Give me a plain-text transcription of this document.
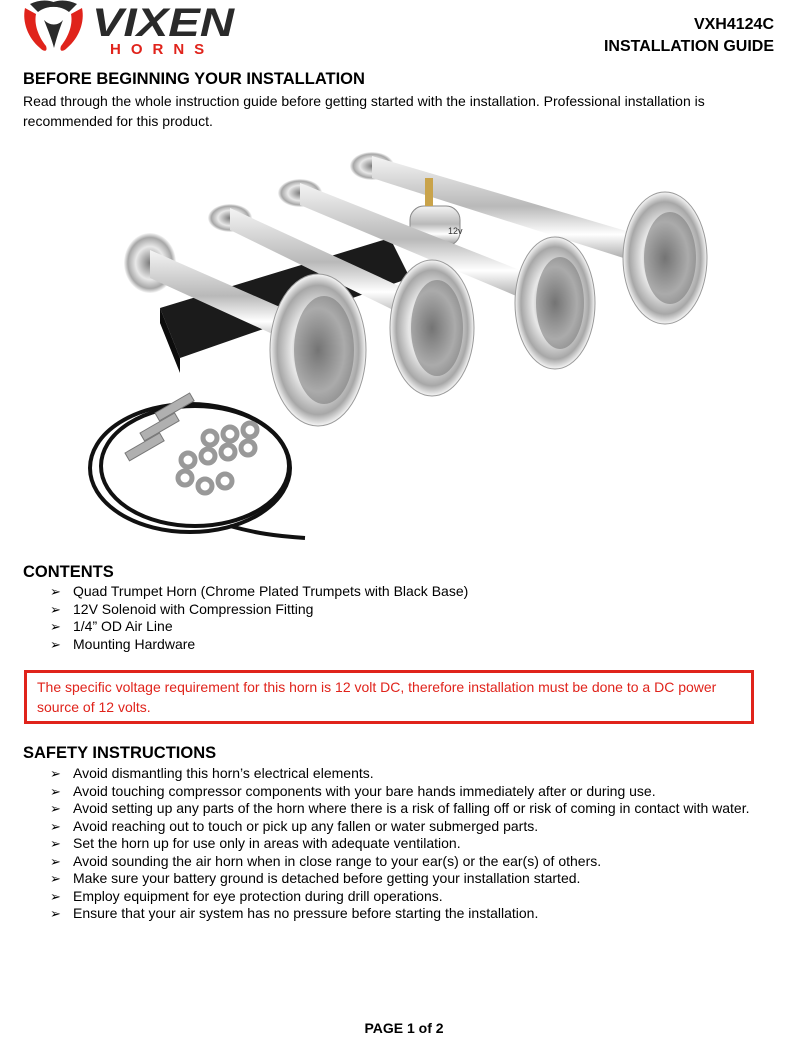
VIXEN
HORNS
VXH4124C
INSTALLATION GUIDE
BEFORE BEGINNING YOUR INSTALLATION

Read through the whole instruction guide before getting started with the installation. Professional installation is recommended for this product.

12v
CONTENTS
➢ Quad Trumpet Horn (Chrome Plated Trumpets with Black Base)
➢ 12V Solenoid with Compression Fitting
➢ 1/4” OD Air Line
➢ Mounting Hardware
The specific voltage requirement for this horn is 12 volt DC, therefore installation must be done to a DC power source of 12 volts.
SAFETY INSTRUCTIONS
➢ Avoid dismantling this horn’s electrical elements.
➢ Avoid touching compressor components with your bare hands immediately after or during use.
➢ Avoid setting up any parts of the horn where there is a risk of falling off or risk of coming in contact with water.
➢ Avoid reaching out to touch or pick up any fallen or water submerged parts.
➢ Set the horn up for use only in areas with adequate ventilation.
➢ Avoid sounding the air horn when in close range to your ear(s) or the ear(s) of others.
➢ Make sure your battery ground is detached before getting your installation started.
➢ Employ equipment for eye protection during drill operations.
➢ Ensure that your air system has no pressure before starting the installation.
PAGE 1 of 2
